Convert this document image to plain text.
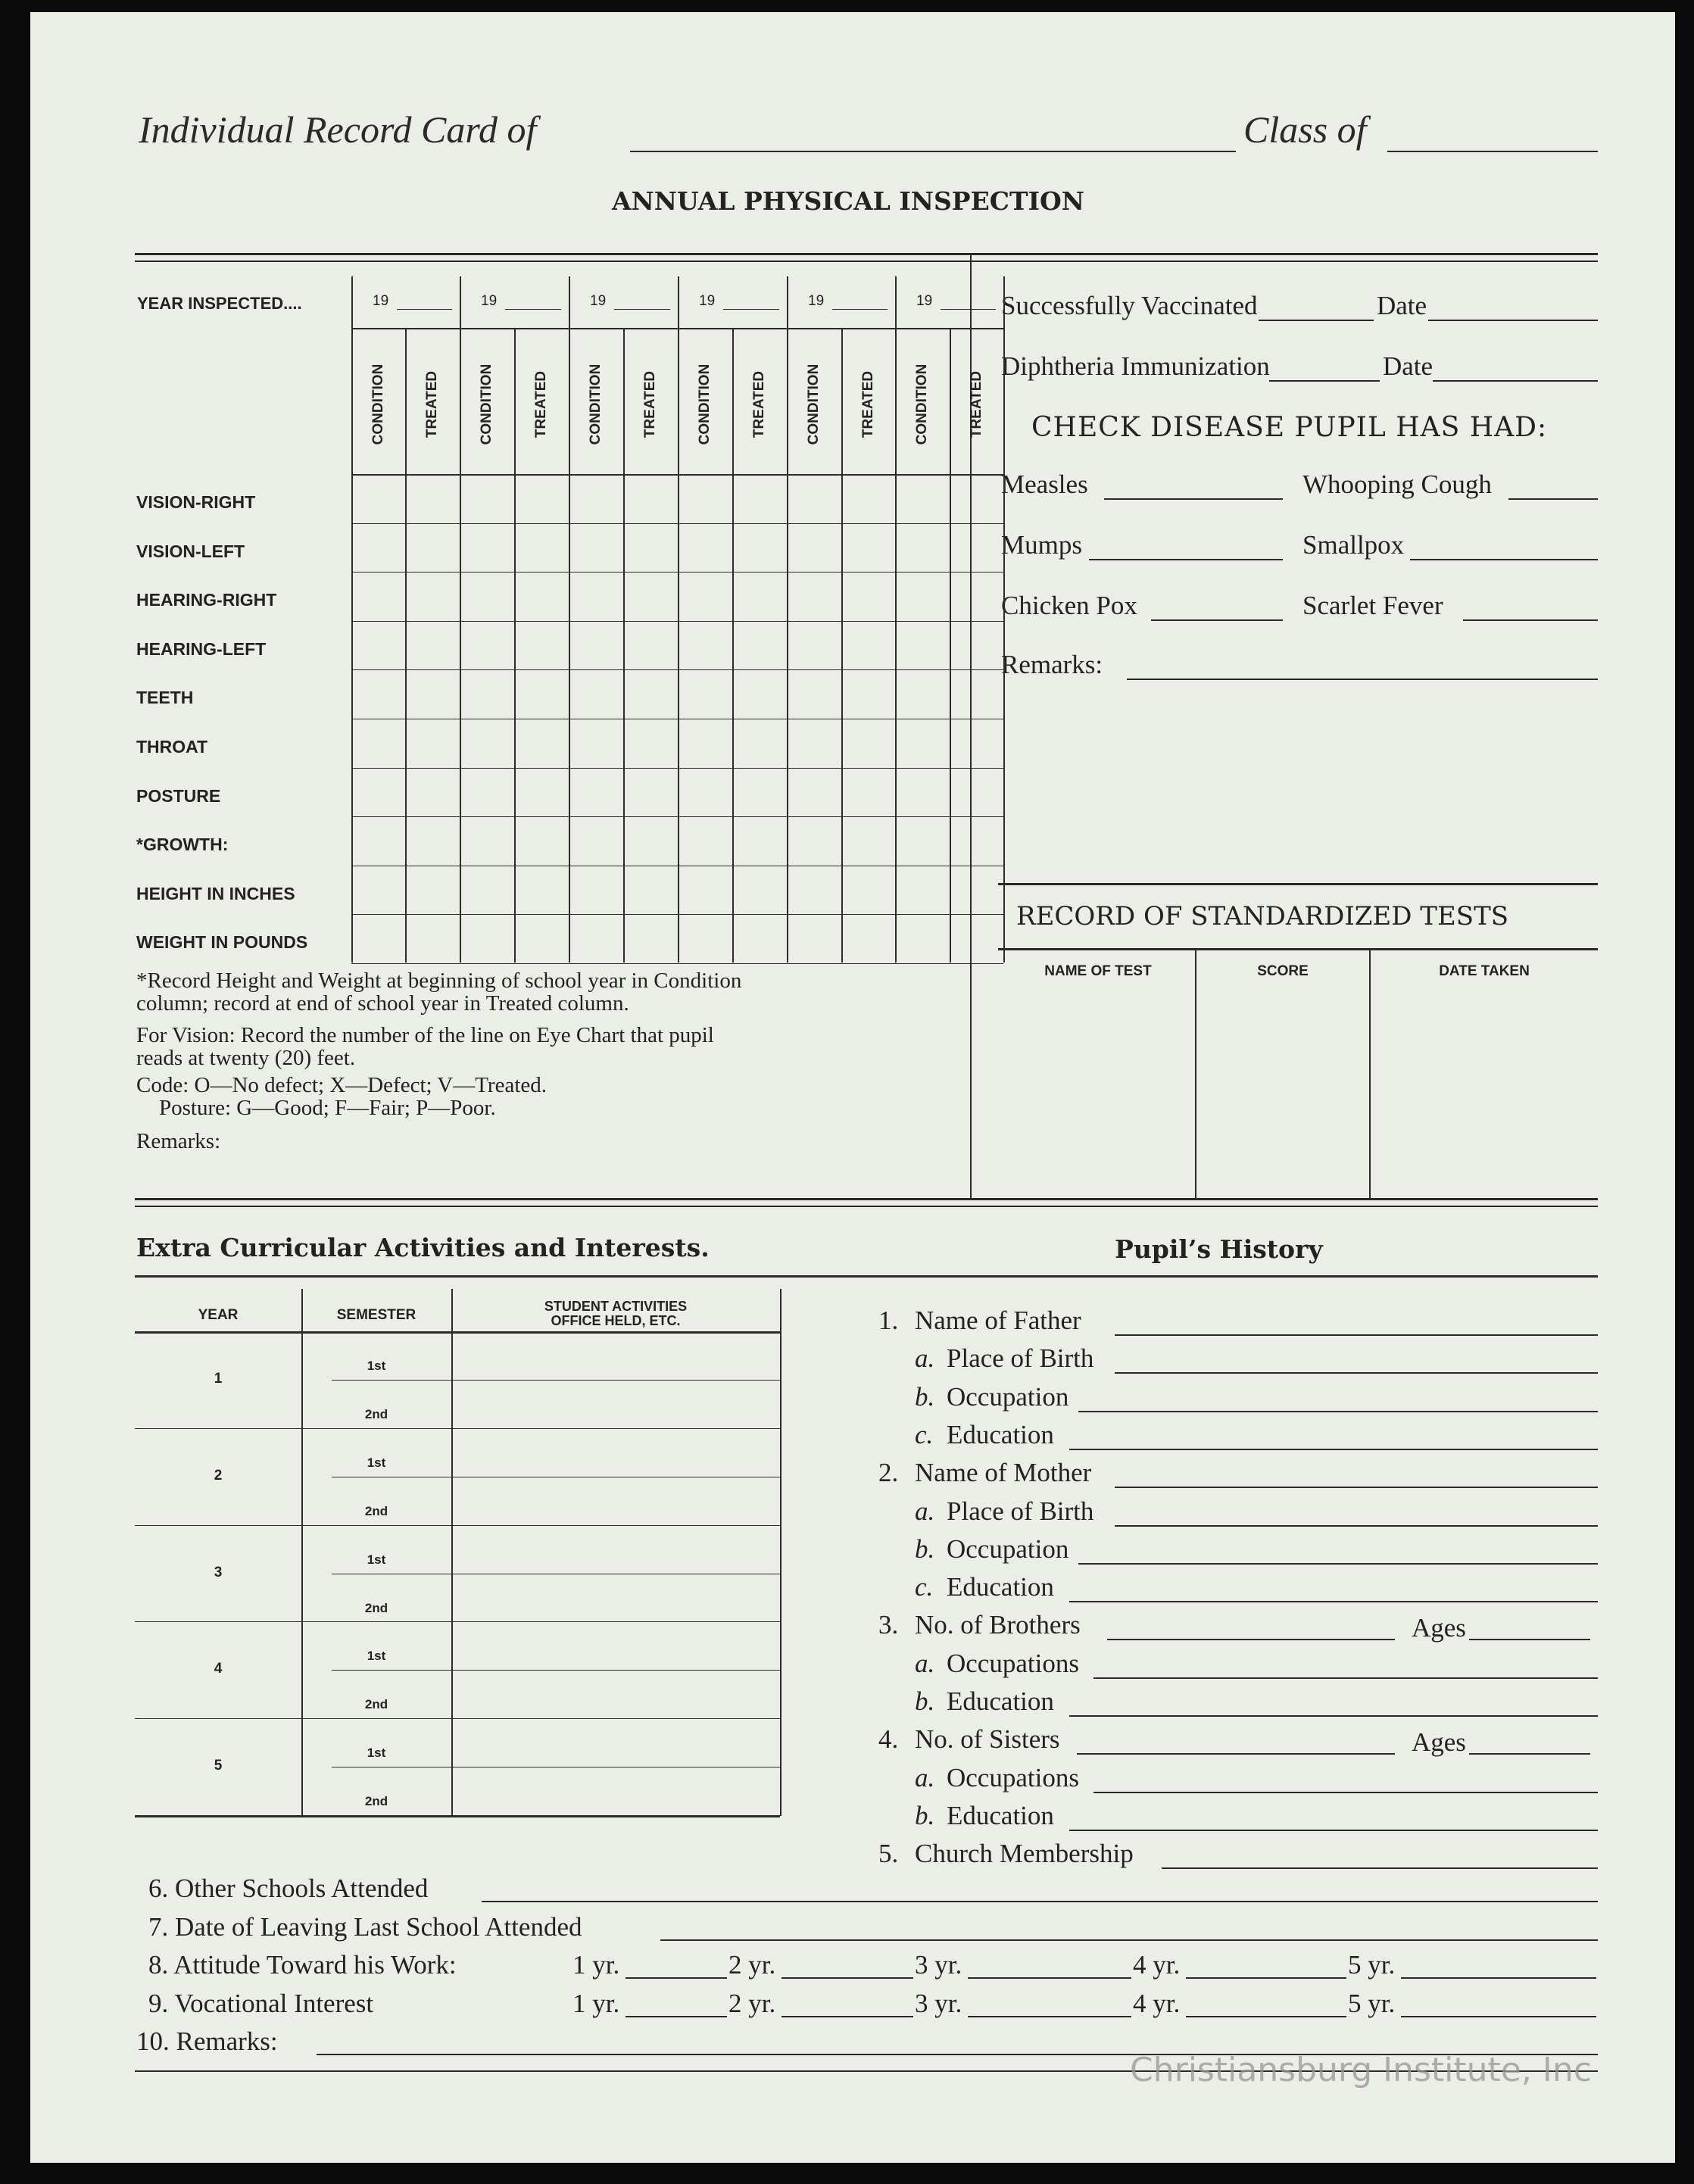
Individual Record Card of	Class of
ANNUAL PHYSICAL INSPECTION
YEAR INSPECTED....
*Record Height and Weight at beginning of school year in Condition
column; record at end of school year in Treated column.
For Vision: Record the number of the line on Eye Chart that pupil
reads at twenty (20) feet.
Code: O—No defect; X—Defect; V—Treated.
Posture: G—Good; F—Fair; P—Poor.
Remarks:
Successfully Vaccinated	Date
Diphtheria Immunization	Date
CHECK DISEASE PUPIL HAS HAD:
Measles	Whooping Cough
Mumps	Smallpox
Chicken Pox	Scarlet Fever
Remarks:
RECORD OF STANDARDIZED TESTS
NAME OF TEST	SCORE	DATE TAKEN
Extra Curricular Activities and Interests.	Pupil’s History
Christiansburg Institute, Inc
19	19	19	19	19	19
CONDITION	TREATED	CONDITION	TREATED	CONDITION	TREATED	CONDITION	TREATED	CONDITION	TREATED	CONDITION	TREATED
VISION-RIGHT
VISION-LEFT
HEARING-RIGHT
HEARING-LEFT
TEETH
THROAT
POSTURE
*GROWTH:
HEIGHT IN INCHES
WEIGHT IN POUNDS
YEAR	SEMESTER
STUDENT ACTIVITIES
OFFICE HELD, ETC.
1
1st
2nd
2
1st
2nd
3
1st
2nd
4
1st
2nd
5
1st
2nd
1. Name of Father
a. Place of Birth
b. Occupation
c. Education
2. Name of Mother
a. Place of Birth
b. Occupation
c. Education
3. No. of Brothers	Ages
a. Occupations
b. Education
4. No. of Sisters	Ages
a. Occupations
b. Education
5. Church Membership
6. Other Schools Attended
7. Date of Leaving Last School Attended
8. Attitude Toward his Work:	1 yr.	2 yr.	3 yr.	4 yr.	5 yr.
9. Vocational Interest	1 yr.	2 yr.	3 yr.	4 yr.	5 yr.
10. Remarks:
